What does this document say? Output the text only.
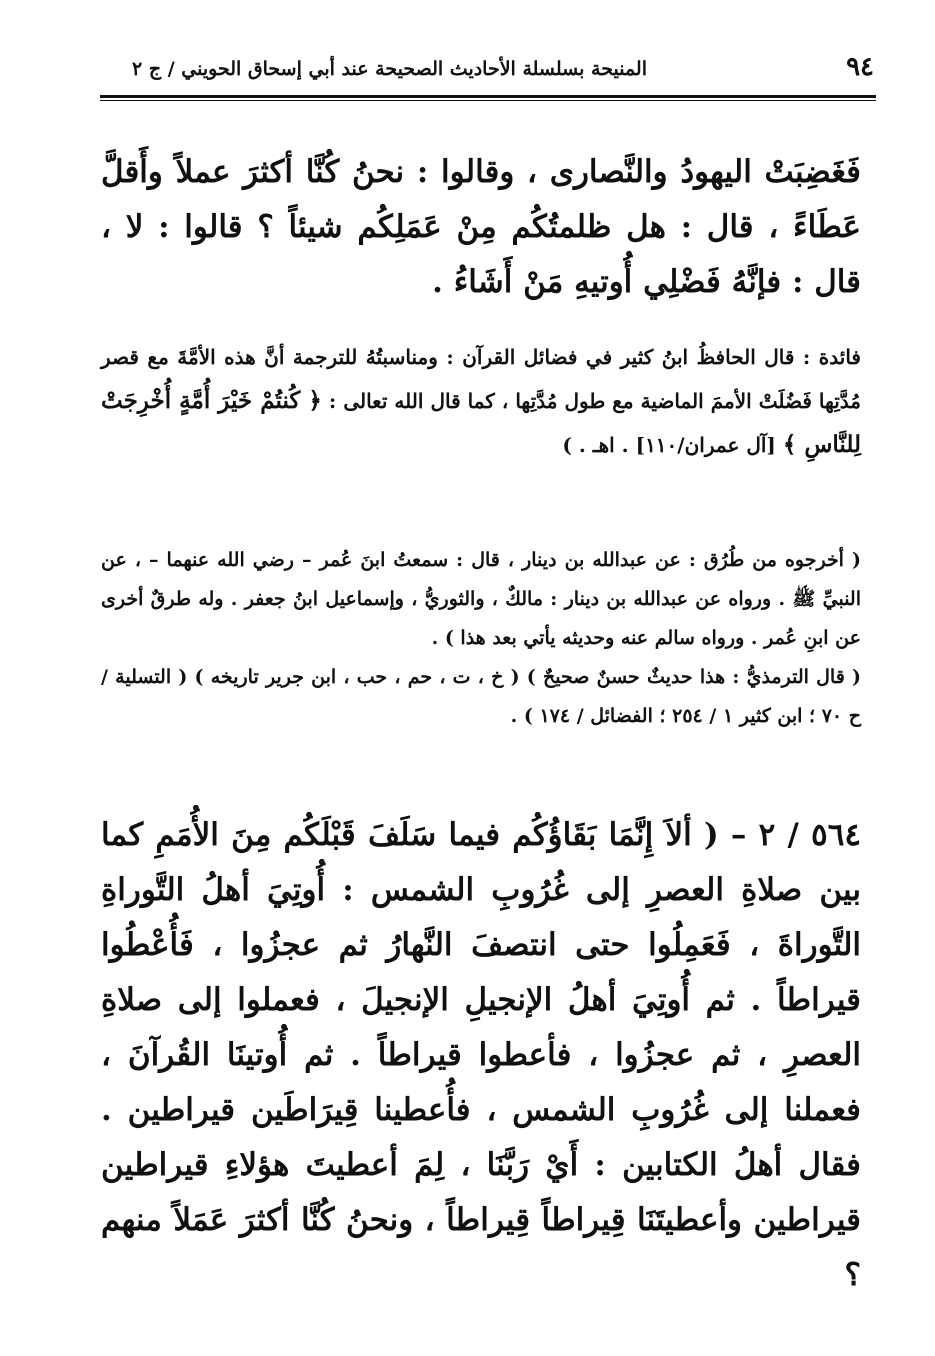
٩٤
المنيحة بسلسلة الأحاديث الصحيحة عند أبي إسحاق الحويني / ج ٢

فَغَضِبَتْ اليهودُ والنَّصارى ، وقالوا : نحنُ كُنَّا أكثرَ عملاً وأَقلَّ عَطَاءً ، قال : هل ظلمتُكُم مِنْ عَمَلِكُم شيئاً ؟ قالوا : لا ، قال : فإنَّهُ فَضْلِي أُوتيهِ مَنْ أَشَاءُ .

فائدة : قال الحافظُ ابنُ كثير في فضائل القرآن : ومناسبتُهُ للترجمة أنَّ هذه الأمَّةَ مع قصر مُدَّتِها فَضُلَتْ الأممَ الماضية مع طول مُدَّتِها ، كما قال الله تعالى : ﴿ كُنتُمْ خَيْرَ أُمَّةٍ أُخْرِجَتْ لِلنَّاسِ ﴾ [آل عمران/١١٠] . اهـ . )

( أخرجوه من طُرُق : عن عبدالله بن دينار ، قال : سمعتُ ابنَ عُمر – رضي الله عنهما – ، عن النبيِّ ﷺ . ورواه عن عبدالله بن دينار : مالكٌ ، والثوريُّ ، وإسماعيل ابنُ جعفر . وله طرقٌ أخرى عن ابنِ عُمر . ورواه سالم عنه وحديثه يأتي بعد هذا ) .

( قال الترمذيُّ : هذا حديثٌ حسنٌ صحيحٌ ) ( خ ، ت ، حم ، حب ، ابن جرير تاريخه ) ( التسلية / ح ٧٠ ؛ ابن كثير ١ / ٢٥٤ ؛ الفضائل / ١٧٤ ) .

٥٦٤ / ٢ – ( ألاَ إِنَّمَا بَقَاؤُكُم فيما سَلَفَ قَبْلَكُم مِنَ الأُمَمِ كما بين صلاةِ العصرِ إلى غُرُوبِ الشمس : أُوتِيَ أهلُ التَّوراةِ التَّوراةَ ، فَعَمِلُوا حتى انتصفَ النَّهارُ ثم عجزُوا ، فَأُعْطُوا قيراطاً . ثم أُوتِيَ أهلُ الإنجيلِ الإنجيلَ ، فعملوا إلى صلاةِ العصرِ ، ثم عجزُوا ، فأعطوا قيراطاً . ثم أُوتينَا القُرآنَ ، فعملنا إلى غُرُوبِ الشمس ، فأُعطينا قِيرَاطَين قيراطين . فقال أهلُ الكتابين : أَيْ رَبَّنَا ، لِمَ أعطيتَ هؤلاءِ قيراطين قيراطين وأعطيتَنَا قِيراطاً قِيراطاً ، ونحنُ كُنَّا أكثرَ عَمَلاً منهم ؟
